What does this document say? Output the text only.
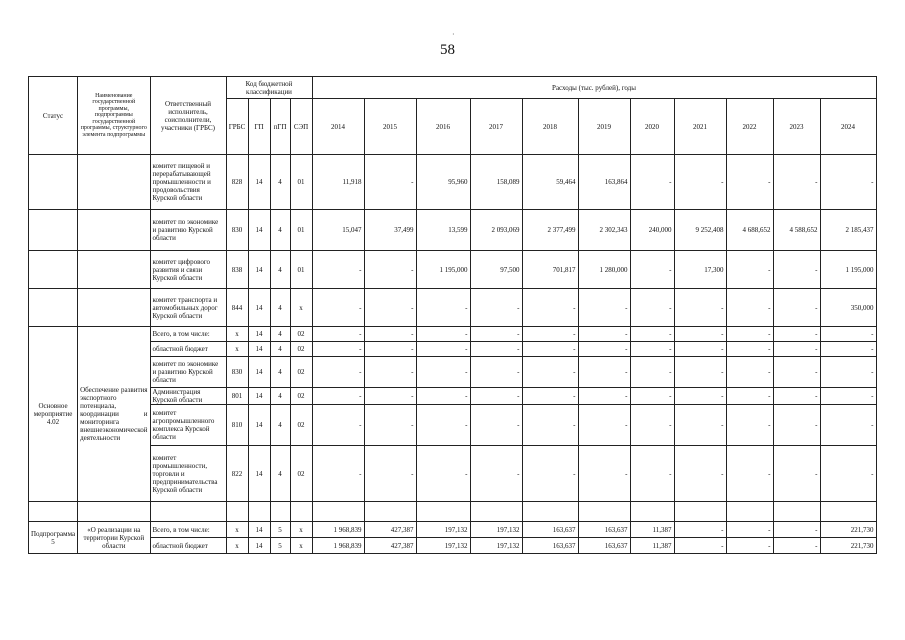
·
58
Статус	Наименование государственной программы, подпрограммы государственной программы, структурного элемента подпрограммы	Ответственный исполнитель, соисполнители, участники (ГРБС)	Код бюджетной классификации				Расходы (тыс. рублей), годы										
			ГРБС	ГП	пГП	СЭП	2014	2015	2016	2017	2018	2019	2020	2021	2022	2023	2024
		комитет пищевой и перерабатывающей промышленности и продовольствия Курской области	828	14	4	01	11,918	-	95,960	158,089	59,464	163,864	-	-	-	-	-
		комитет по экономике и развитию Курской области	830	14	4	01	15,047	37,499	13,599	2 093,069	2 377,499	2 302,343	240,000	9 252,408	4 688,652	4 588,652	2 185,437
		комитет цифрового развития и связи Курской области	838	14	4	01	-	-	1 195,000	97,500	701,817	1 280,000	-	17,300	-	-	1 195,000
		комитет транспорта и автомобильных дорог Курской области	844	14	4	х	-	-	-	-	-	-	-	-	-	-	350,000
Основное мероприятие 4.02	Обеспечение развития экспортного потенциала, координации и мониторинга внешнеэкономической деятельности	Всего, в том числе:	х	14	4	02	-	-	-	-	-	-	-	-	-	-	-
		областной бюджет	х	14	4	02	-	-	-	-	-	-	-	-	-	-	-
		комитет по экономике и развитию Курской области	830	14	4	02	-	-	-	-	-	-	-	-	-	-	-
		Администрация Курской области	801	14	4	02	-	-	-	-	-	-	-	-	-	-	-
		комитет агропромышленного комплекса Курской области	810	14	4	02	-	-	-	-	-	-	-	-	-	-	-
		комитет промышленности, торговли и предпринимательства Курской области	822	14	4	02	-	-	-	-	-	-	-	-	-	-	-

Подпрограмма 5	«О реализации на территории Курской области	Всего, в том числе:	х	14	5	х	1 968,839	427,387	197,132	197,132	163,637	163,637	11,387	-	-	-	221,730
		областной бюджет	х	14	5	х	1 968,839	427,387	197,132	197,132	163,637	163,637	11,387	-	-	-	221,730
